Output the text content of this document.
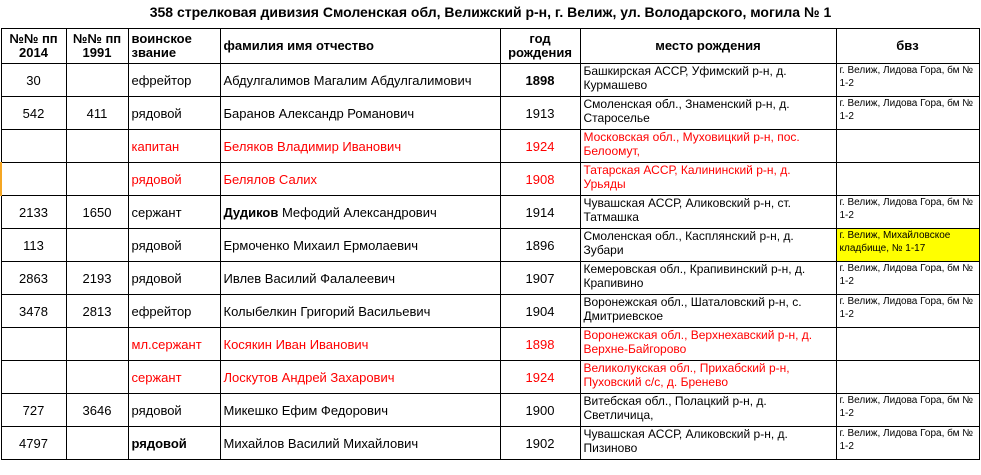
358 стрелковая дивизия Смоленская обл, Велижский р-н, г. Велиж, ул. Володарского, могила № 1
№№ пп 2014	№№ пп 1991	воинское звание	фамилия имя отчество	год рождения	место рождения	бвз
30		ефрейтор	Абдулгалимов Магалим Абдулгалимович	1898	Башкирская АССР, Уфимский р-н, д. Курмашево	г. Велиж, Лидова Гора, бм № 1-2
542	411	рядовой	Баранов Александр Романович	1913	Смоленская обл., Знаменский р-н, д. Староселье	г. Велиж, Лидова Гора, бм № 1-2
		капитан	Беляков Владимир Иванович	1924	Московская обл., Муховицкий р-н, пос. Белоомут,	
		рядовой	Белялов Салих	1908	Татарская АССР, Калининский р-н, д. Урьяды	
2133	1650	сержант	Дудиков Мефодий Александрович	1914	Чувашская АССР, Аликовский р-н, ст. Татмашка	г. Велиж, Лидова Гора, бм № 1-2
113		рядовой	Ермоченко Михаил Ермолаевич	1896	Смоленская обл., Касплянский р-н, д. Зубари	г. Велиж, Михайловское кладбище, № 1-17
2863	2193	рядовой	Ивлев Василий Фалалеевич	1907	Кемеровская обл., Крапивинский р-н, д. Крапивино	г. Велиж, Лидова Гора, бм № 1-2
3478	2813	ефрейтор	Колыбелкин Григорий Васильевич	1904	Воронежская обл., Шаталовский р-н, с. Дмитриевское	г. Велиж, Лидова Гора, бм № 1-2
		мл.сержант	Косякин Иван Иванович	1898	Воронежская обл., Верхнехавский р-н, д. Верхне-Байгорово	
		сержант	Лоскутов Андрей Захарович	1924	Великолукская обл., Прихабский р-н, Пуховский с/с, д. Бренево	
727	3646	рядовой	Микешко Ефим Федорович	1900	Витебская обл., Полацкий р-н, д. Светличица,	г. Велиж, Лидова Гора, бм № 1-2
4797		рядовой	Михайлов Василий Михайлович	1902	Чувашская АССР, Аликовский р-н, д. Пизиново	г. Велиж, Лидова Гора, бм № 1-2
